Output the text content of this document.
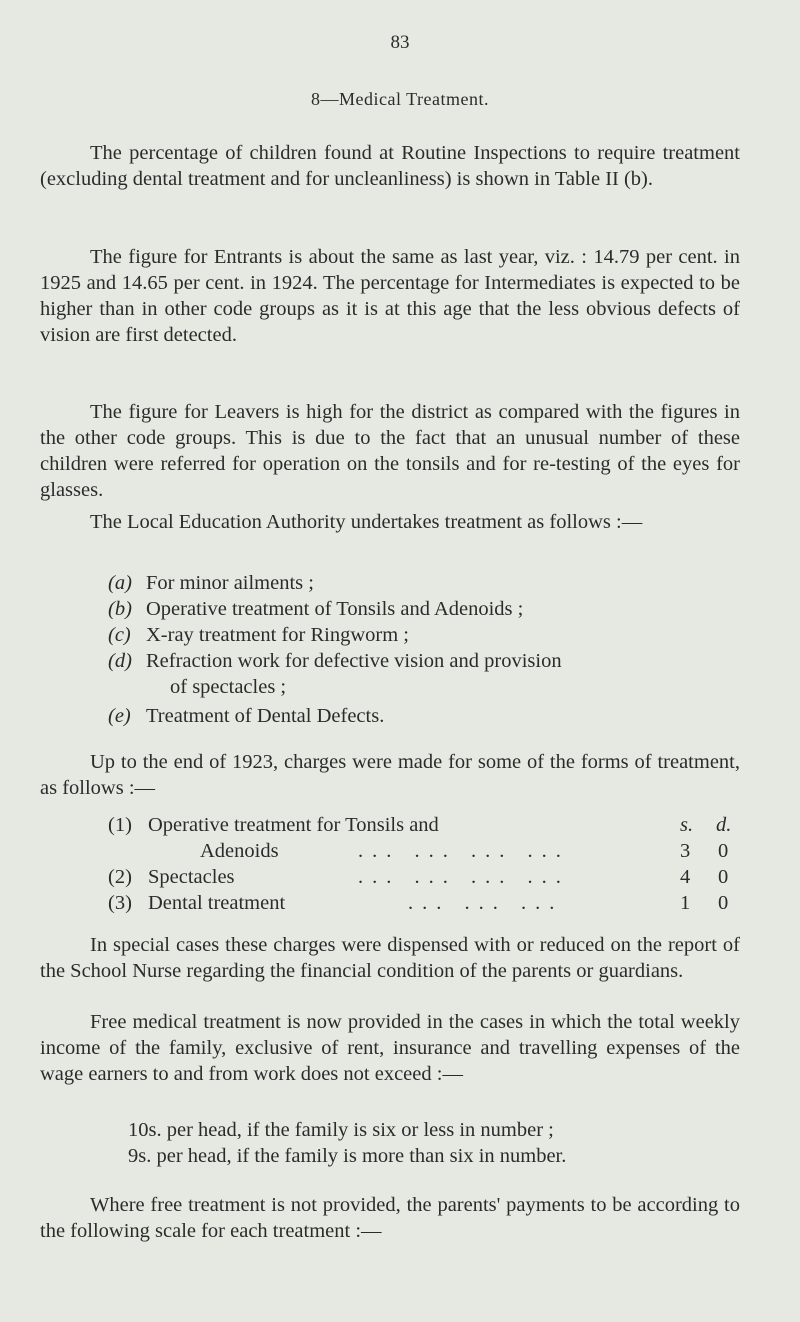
83

8—Medical Treatment.

The percentage of children found at Routine Inspections to require treatment (excluding dental treatment and for uncleanliness) is shown in Table II (b).

The figure for Entrants is about the same as last year, viz. : 14.79 per cent. in 1925 and 14.65 per cent. in 1924. The percentage for Intermediates is expected to be higher than in other code groups as it is at this age that the less obvious defects of vision are first detected.

The figure for Leavers is high for the district as compared with the figures in the other code groups. This is due to the fact that an unusual number of these children were referred for operation on the tonsils and for re-testing of the eyes for glasses.

The Local Education Authority undertakes treatment as follows :—

(a) For minor ailments ;
(b) Operative treatment of Tonsils and Adenoids ;
(c) X-ray treatment for Ringworm ;
(d) Refraction work for defective vision and provision
of spectacles ;
(e) Treatment of Dental Defects.

Up to the end of 1923, charges were made for some of the forms of treatment, as follows :—

(1) Operative treatment for Tonsils and	s. d.
Adenoids	... ... ... ...	3 0
(2) Spectacles	... ... ... ...	4 0
(3) Dental treatment	... ... ...	1 0

In special cases these charges were dispensed with or reduced on the report of the School Nurse regarding the financial condition of the parents or guardians.

Free medical treatment is now provided in the cases in which the total weekly income of the family, exclusive of rent, insurance and travelling expenses of the wage earners to and from work does not exceed :—

10s. per head, if the family is six or less in number ;

9s. per head, if the family is more than six in number.

Where free treatment is not provided, the parents' payments to be according to the following scale for each treatment :—
